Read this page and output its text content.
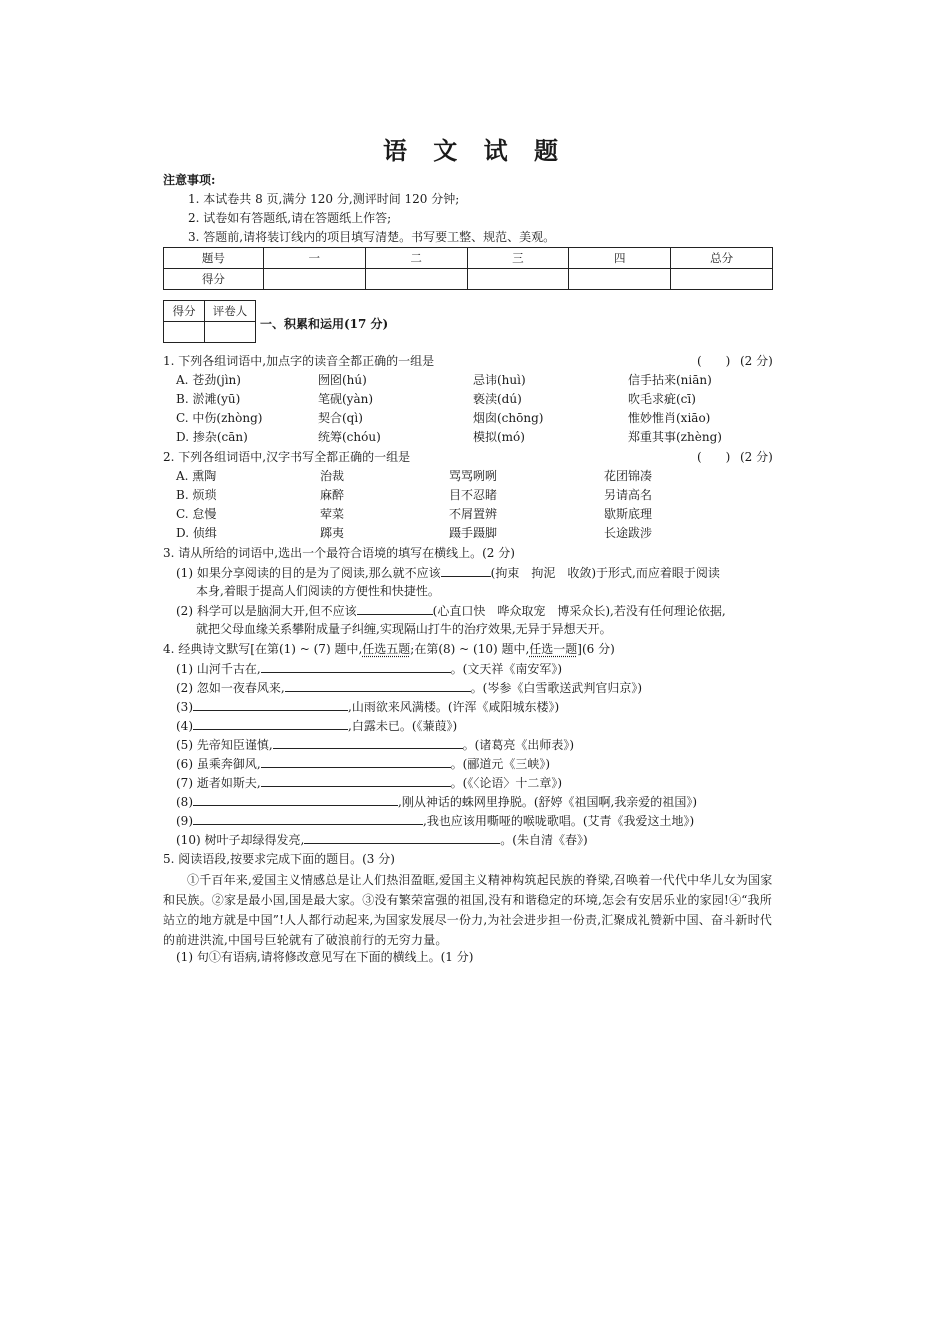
语 文 试 题
注意事项:
1. 本试卷共 8 页,满分 120 分,测评时间 120 分钟;
2. 试卷如有答题纸,请在答题纸上作答;
3. 答题前,请将装订线内的项目填写清楚。书写要工整、规范、美观。
题号	一	二	三	四	总分
得分					
得分	评卷人

一、积累和运用(17 分)
1. 下列各组词语中,加点字的读音全都正确的一组是	(　　) (2 分)
A. 苍劲(jìn)	囫囵(hú)	忌讳(huì)	信手拈来(niān)
B. 淤滩(yū)	笔砚(yàn)	亵渎(dú)	吹毛求疵(cī)
C. 中伤(zhòng)	契合(qì)	烟囱(chōng)	惟妙惟肖(xiāo)
D. 掺杂(cān)	统筹(chóu)	模拟(mó)	郑重其事(zhèng)
2. 下列各组词语中,汉字书写全都正确的一组是	(　　) (2 分)
A. 熏陶	治裁	骂骂咧咧	花团锦凑
B. 烦琐	麻醉	目不忍睹	另请高名
C. 怠慢	荤菜	不屑置辨	歇斯底理
D. 侦缉	踯夷	蹑手蹑脚	长途跋涉
3. 请从所给的词语中,选出一个最符合语境的填写在横线上。(2 分)
(1) 如果分享阅读的目的是为了阅读,那么就不应该	(拘束　拘泥　收敛)于形式,而应着眼于阅读
本身,着眼于提高人们阅读的方便性和快捷性。
(2) 科学可以是脑洞大开,但不应该	(心直口快　哗众取宠　博采众长),若没有任何理论依据,
就把父母血缘关系攀附成量子纠缠,实现隔山打牛的治疗效果,无异于异想天开。
4. 经典诗文默写[在第(1) ~ (7) 题中,任选五题;在第(8) ~ (10) 题中,任选一题](6 分)
(1) 山河千古在,	。(文天祥《南安军》)
(2) 忽如一夜春风来,	。(岑参《白雪歌送武判官归京》)
(3)	,山雨欲来风满楼。(许浑《咸阳城东楼》)
(4)	,白露未已。(《蒹葭》)
(5) 先帝知臣谨慎,	。(诸葛亮《出师表》)
(6) 虽乘奔御风,	。(郦道元《三峡》)
(7) 逝者如斯夫,	。(《〈论语〉十二章》)
(8)	,刚从神话的蛛网里挣脱。(舒婷《祖国啊,我亲爱的祖国》)
(9)	,我也应该用嘶哑的喉咙歌唱。(艾青《我爱这土地》)
(10) 树叶子却绿得发亮,	。(朱自清《春》)
5. 阅读语段,按要求完成下面的题目。(3 分)
①千百年来,爱国主义情感总是让人们热泪盈眶,爱国主义精神构筑起民族的脊梁,召唤着一代代中华儿女为国家和民族。②家是最小国,国是最大家。③没有繁荣富强的祖国,没有和谐稳定的环境,怎会有安居乐业的家园!④“我所站立的地方就是中国”!人人都行动起来,为国家发展尽一份力,为社会进步担一份责,汇聚成礼赞新中国、奋斗新时代的前进洪流,中国号巨轮就有了破浪前行的无穷力量。
(1) 句①有语病,请将修改意见写在下面的横线上。(1 分)
